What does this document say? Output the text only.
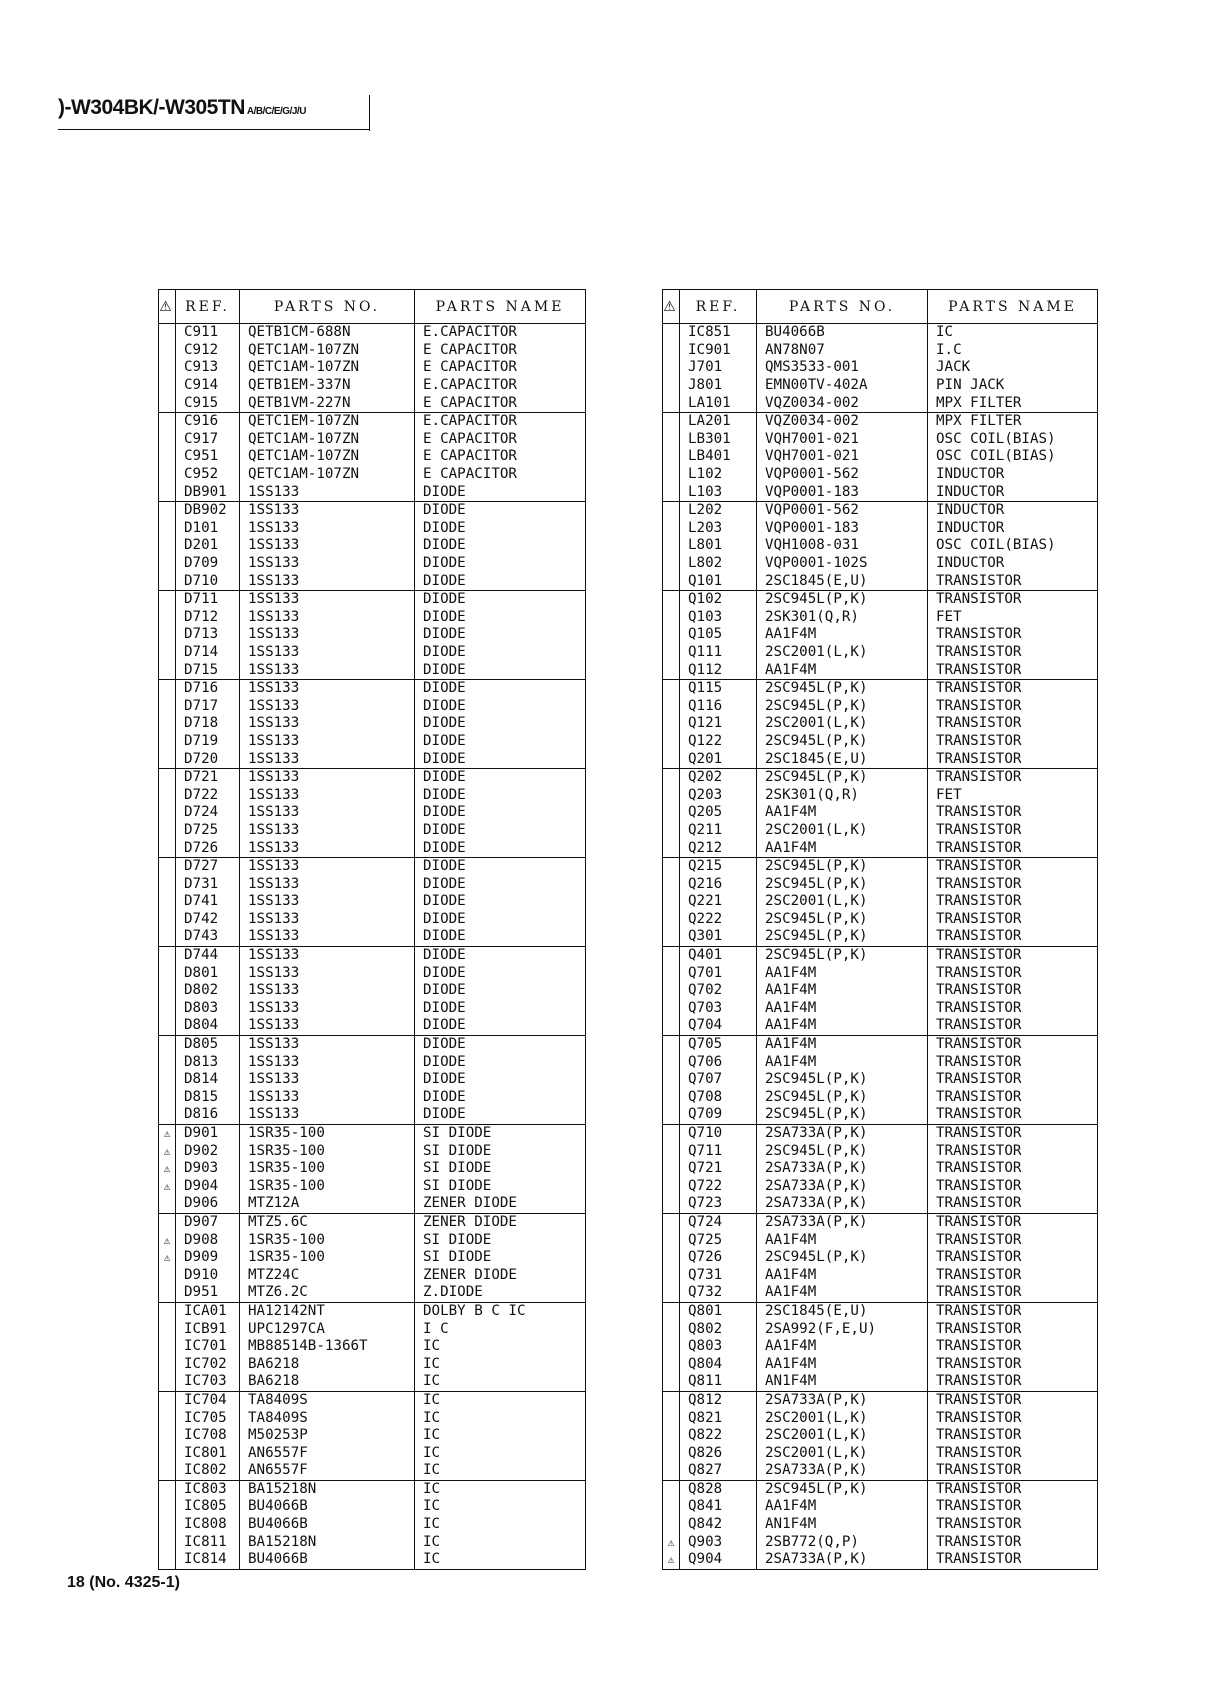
)-W304BK/-W305TN A/B/C/E/G/J/U
⚠	REF.	PARTS NO.	PARTS NAME
	C911	QETB1CM-688N	E.CAPACITOR
	C912	QETC1AM-107ZN	E CAPACITOR
	C913	QETC1AM-107ZN	E CAPACITOR
	C914	QETB1EM-337N	E.CAPACITOR
	C915	QETB1VM-227N	E CAPACITOR
	C916	QETC1EM-107ZN	E.CAPACITOR
	C917	QETC1AM-107ZN	E CAPACITOR
	C951	QETC1AM-107ZN	E CAPACITOR
	C952	QETC1AM-107ZN	E CAPACITOR
	DB901	1SS133	DIODE
	DB902	1SS133	DIODE
	D101	1SS133	DIODE
	D201	1SS133	DIODE
	D709	1SS133	DIODE
	D710	1SS133	DIODE
	D711	1SS133	DIODE
	D712	1SS133	DIODE
	D713	1SS133	DIODE
	D714	1SS133	DIODE
	D715	1SS133	DIODE
	D716	1SS133	DIODE
	D717	1SS133	DIODE
	D718	1SS133	DIODE
	D719	1SS133	DIODE
	D720	1SS133	DIODE
	D721	1SS133	DIODE
	D722	1SS133	DIODE
	D724	1SS133	DIODE
	D725	1SS133	DIODE
	D726	1SS133	DIODE
	D727	1SS133	DIODE
	D731	1SS133	DIODE
	D741	1SS133	DIODE
	D742	1SS133	DIODE
	D743	1SS133	DIODE
	D744	1SS133	DIODE
	D801	1SS133	DIODE
	D802	1SS133	DIODE
	D803	1SS133	DIODE
	D804	1SS133	DIODE
	D805	1SS133	DIODE
	D813	1SS133	DIODE
	D814	1SS133	DIODE
	D815	1SS133	DIODE
	D816	1SS133	DIODE
⚠	D901	1SR35-100	SI DIODE
⚠	D902	1SR35-100	SI DIODE
⚠	D903	1SR35-100	SI DIODE
⚠	D904	1SR35-100	SI DIODE
	D906	MTZ12A	ZENER DIODE
	D907	MTZ5.6C	ZENER DIODE
⚠	D908	1SR35-100	SI DIODE
⚠	D909	1SR35-100	SI DIODE
	D910	MTZ24C	ZENER DIODE
	D951	MTZ6.2C	Z.DIODE
	ICA01	HA12142NT	DOLBY B C IC
	ICB91	UPC1297CA	I C
	IC701	MB88514B-1366T	IC
	IC702	BA6218	IC
	IC703	BA6218	IC
	IC704	TA8409S	IC
	IC705	TA8409S	IC
	IC708	M50253P	IC
	IC801	AN6557F	IC
	IC802	AN6557F	IC
	IC803	BA15218N	IC
	IC805	BU4066B	IC
	IC808	BU4066B	IC
	IC811	BA15218N	IC
	IC814	BU4066B	IC
⚠	REF.	PARTS NO.	PARTS NAME
	IC851	BU4066B	IC
	IC901	AN78N07	I.C
	J701	QMS3533-001	JACK
	J801	EMN00TV-402A	PIN JACK
	LA101	VQZ0034-002	MPX FILTER
	LA201	VQZ0034-002	MPX FILTER
	LB301	VQH7001-021	OSC COIL(BIAS)
	LB401	VQH7001-021	OSC COIL(BIAS)
	L102	VQP0001-562	INDUCTOR
	L103	VQP0001-183	INDUCTOR
	L202	VQP0001-562	INDUCTOR
	L203	VQP0001-183	INDUCTOR
	L801	VQH1008-031	OSC COIL(BIAS)
	L802	VQP0001-102S	INDUCTOR
	Q101	2SC1845(E,U)	TRANSISTOR
	Q102	2SC945L(P,K)	TRANSISTOR
	Q103	2SK301(Q,R)	FET
	Q105	AA1F4M	TRANSISTOR
	Q111	2SC2001(L,K)	TRANSISTOR
	Q112	AA1F4M	TRANSISTOR
	Q115	2SC945L(P,K)	TRANSISTOR
	Q116	2SC945L(P,K)	TRANSISTOR
	Q121	2SC2001(L,K)	TRANSISTOR
	Q122	2SC945L(P,K)	TRANSISTOR
	Q201	2SC1845(E,U)	TRANSISTOR
	Q202	2SC945L(P,K)	TRANSISTOR
	Q203	2SK301(Q,R)	FET
	Q205	AA1F4M	TRANSISTOR
	Q211	2SC2001(L,K)	TRANSISTOR
	Q212	AA1F4M	TRANSISTOR
	Q215	2SC945L(P,K)	TRANSISTOR
	Q216	2SC945L(P,K)	TRANSISTOR
	Q221	2SC2001(L,K)	TRANSISTOR
	Q222	2SC945L(P,K)	TRANSISTOR
	Q301	2SC945L(P,K)	TRANSISTOR
	Q401	2SC945L(P,K)	TRANSISTOR
	Q701	AA1F4M	TRANSISTOR
	Q702	AA1F4M	TRANSISTOR
	Q703	AA1F4M	TRANSISTOR
	Q704	AA1F4M	TRANSISTOR
	Q705	AA1F4M	TRANSISTOR
	Q706	AA1F4M	TRANSISTOR
	Q707	2SC945L(P,K)	TRANSISTOR
	Q708	2SC945L(P,K)	TRANSISTOR
	Q709	2SC945L(P,K)	TRANSISTOR
	Q710	2SA733A(P,K)	TRANSISTOR
	Q711	2SC945L(P,K)	TRANSISTOR
	Q721	2SA733A(P,K)	TRANSISTOR
	Q722	2SA733A(P,K)	TRANSISTOR
	Q723	2SA733A(P,K)	TRANSISTOR
	Q724	2SA733A(P,K)	TRANSISTOR
	Q725	AA1F4M	TRANSISTOR
	Q726	2SC945L(P,K)	TRANSISTOR
	Q731	AA1F4M	TRANSISTOR
	Q732	AA1F4M	TRANSISTOR
	Q801	2SC1845(E,U)	TRANSISTOR
	Q802	2SA992(F,E,U)	TRANSISTOR
	Q803	AA1F4M	TRANSISTOR
	Q804	AA1F4M	TRANSISTOR
	Q811	AN1F4M	TRANSISTOR
	Q812	2SA733A(P,K)	TRANSISTOR
	Q821	2SC2001(L,K)	TRANSISTOR
	Q822	2SC2001(L,K)	TRANSISTOR
	Q826	2SC2001(L,K)	TRANSISTOR
	Q827	2SA733A(P,K)	TRANSISTOR
	Q828	2SC945L(P,K)	TRANSISTOR
	Q841	AA1F4M	TRANSISTOR
	Q842	AN1F4M	TRANSISTOR
⚠	Q903	2SB772(Q,P)	TRANSISTOR
⚠	Q904	2SA733A(P,K)	TRANSISTOR
18 (No. 4325-1)
